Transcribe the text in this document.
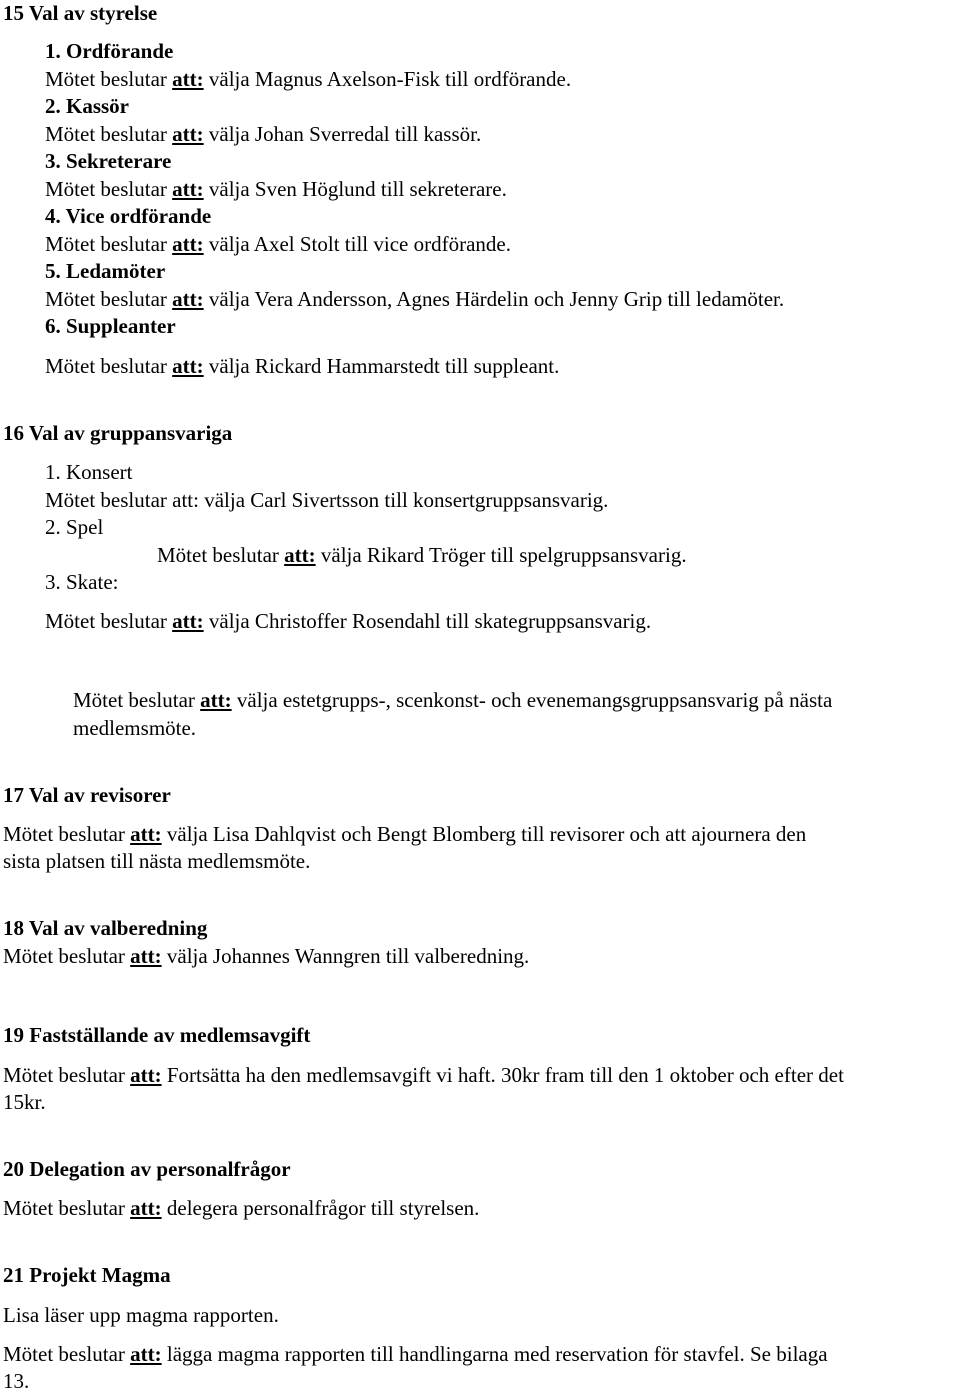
15 Val av styrelse
1. Ordförande
Mötet beslutar att: välja Magnus Axelson-Fisk till ordförande.
2. Kassör
Mötet beslutar att: välja Johan Sverredal till kassör.
3. Sekreterare
Mötet beslutar att: välja Sven Höglund till sekreterare.
4. Vice ordförande
Mötet beslutar att: välja Axel Stolt till vice ordförande.
5. Ledamöter
Mötet beslutar att: välja Vera Andersson, Agnes Härdelin och Jenny Grip till ledamöter.
6. Suppleanter
Mötet beslutar att: välja Rickard Hammarstedt till suppleant.
16 Val av gruppansvariga
1. Konsert
Mötet beslutar att: välja Carl Sivertsson till konsertgruppsansvarig.
2. Spel
Mötet beslutar att: välja Rikard Tröger till spelgruppsansvarig.
3. Skate:
Mötet beslutar att: välja Christoffer Rosendahl till skategruppsansvarig.
Mötet beslutar att: välja estetgrupps-, scenkonst- och evenemangsgruppsansvarig på nästa
medlemsmöte.
17 Val av revisorer
Mötet beslutar att: välja Lisa Dahlqvist och Bengt Blomberg till revisorer och att ajournera den
sista platsen till nästa medlemsmöte.
18 Val av valberedning
Mötet beslutar att: välja Johannes Wanngren till valberedning.
19 Fastställande av medlemsavgift
Mötet beslutar att: Fortsätta ha den medlemsavgift vi haft. 30kr fram till den 1 oktober och efter det
15kr.
20 Delegation av personalfrågor
Mötet beslutar att: delegera personalfrågor till styrelsen.
21 Projekt Magma
Lisa läser upp magma rapporten.
Mötet beslutar att: lägga magma rapporten till handlingarna med reservation för stavfel. Se bilaga
13.
